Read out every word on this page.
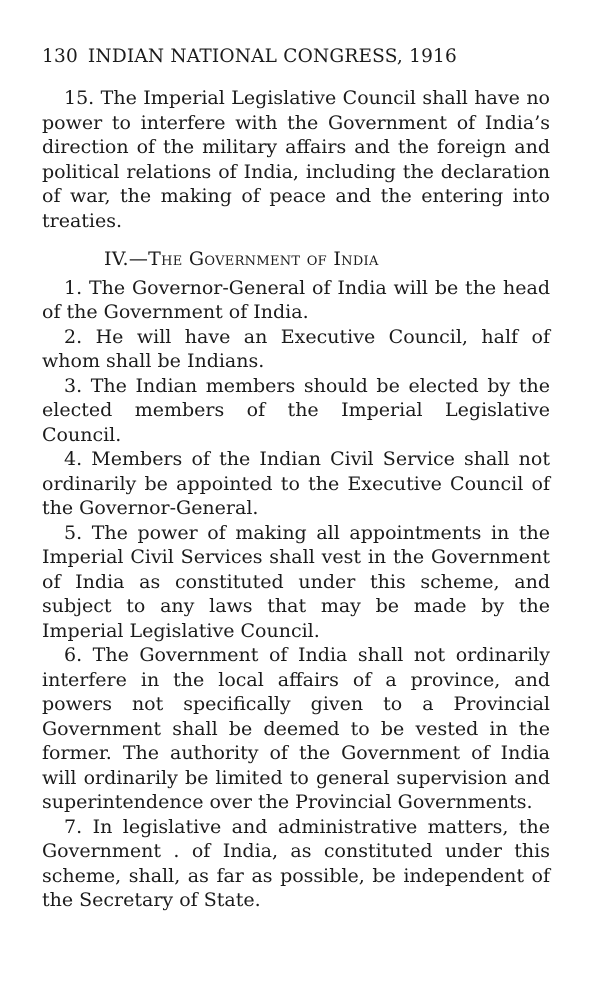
130 INDIAN NATIONAL CONGRESS, 1916

15. The Imperial Legislative Council shall have no power to interfere with the Government of India’s direction of the military affairs and the foreign and political relations of India, including the declaration of war, the making of peace and the entering into treaties.

IV.—The Government of India

1. The Governor-General of India will be the head of the Government of India.

2. He will have an Executive Council, half of whom shall be Indians.

3. The Indian members should be elected by the elected members of the Imperial Legislative Council.

4. Members of the Indian Civil Service shall not ordinarily be appointed to the Executive Council of the Governor-General.

5. The power of making all appointments in the Imperial Civil Services shall vest in the Government of India as constituted under this scheme, and subject to any laws that may be made by the Imperial Legislative Council.

6. The Government of India shall not ordinarily interfere in the local affairs of a province, and powers not specifically given to a Provincial Government shall be deemed to be vested in the former. The authority of the Government of India will ordinarily be limited to general supervision and superintendence over the Provincial Governments.

7. In legislative and administrative matters, the Government . of India, as constituted under this scheme, shall, as far as possible, be independent of the Secretary of State.
